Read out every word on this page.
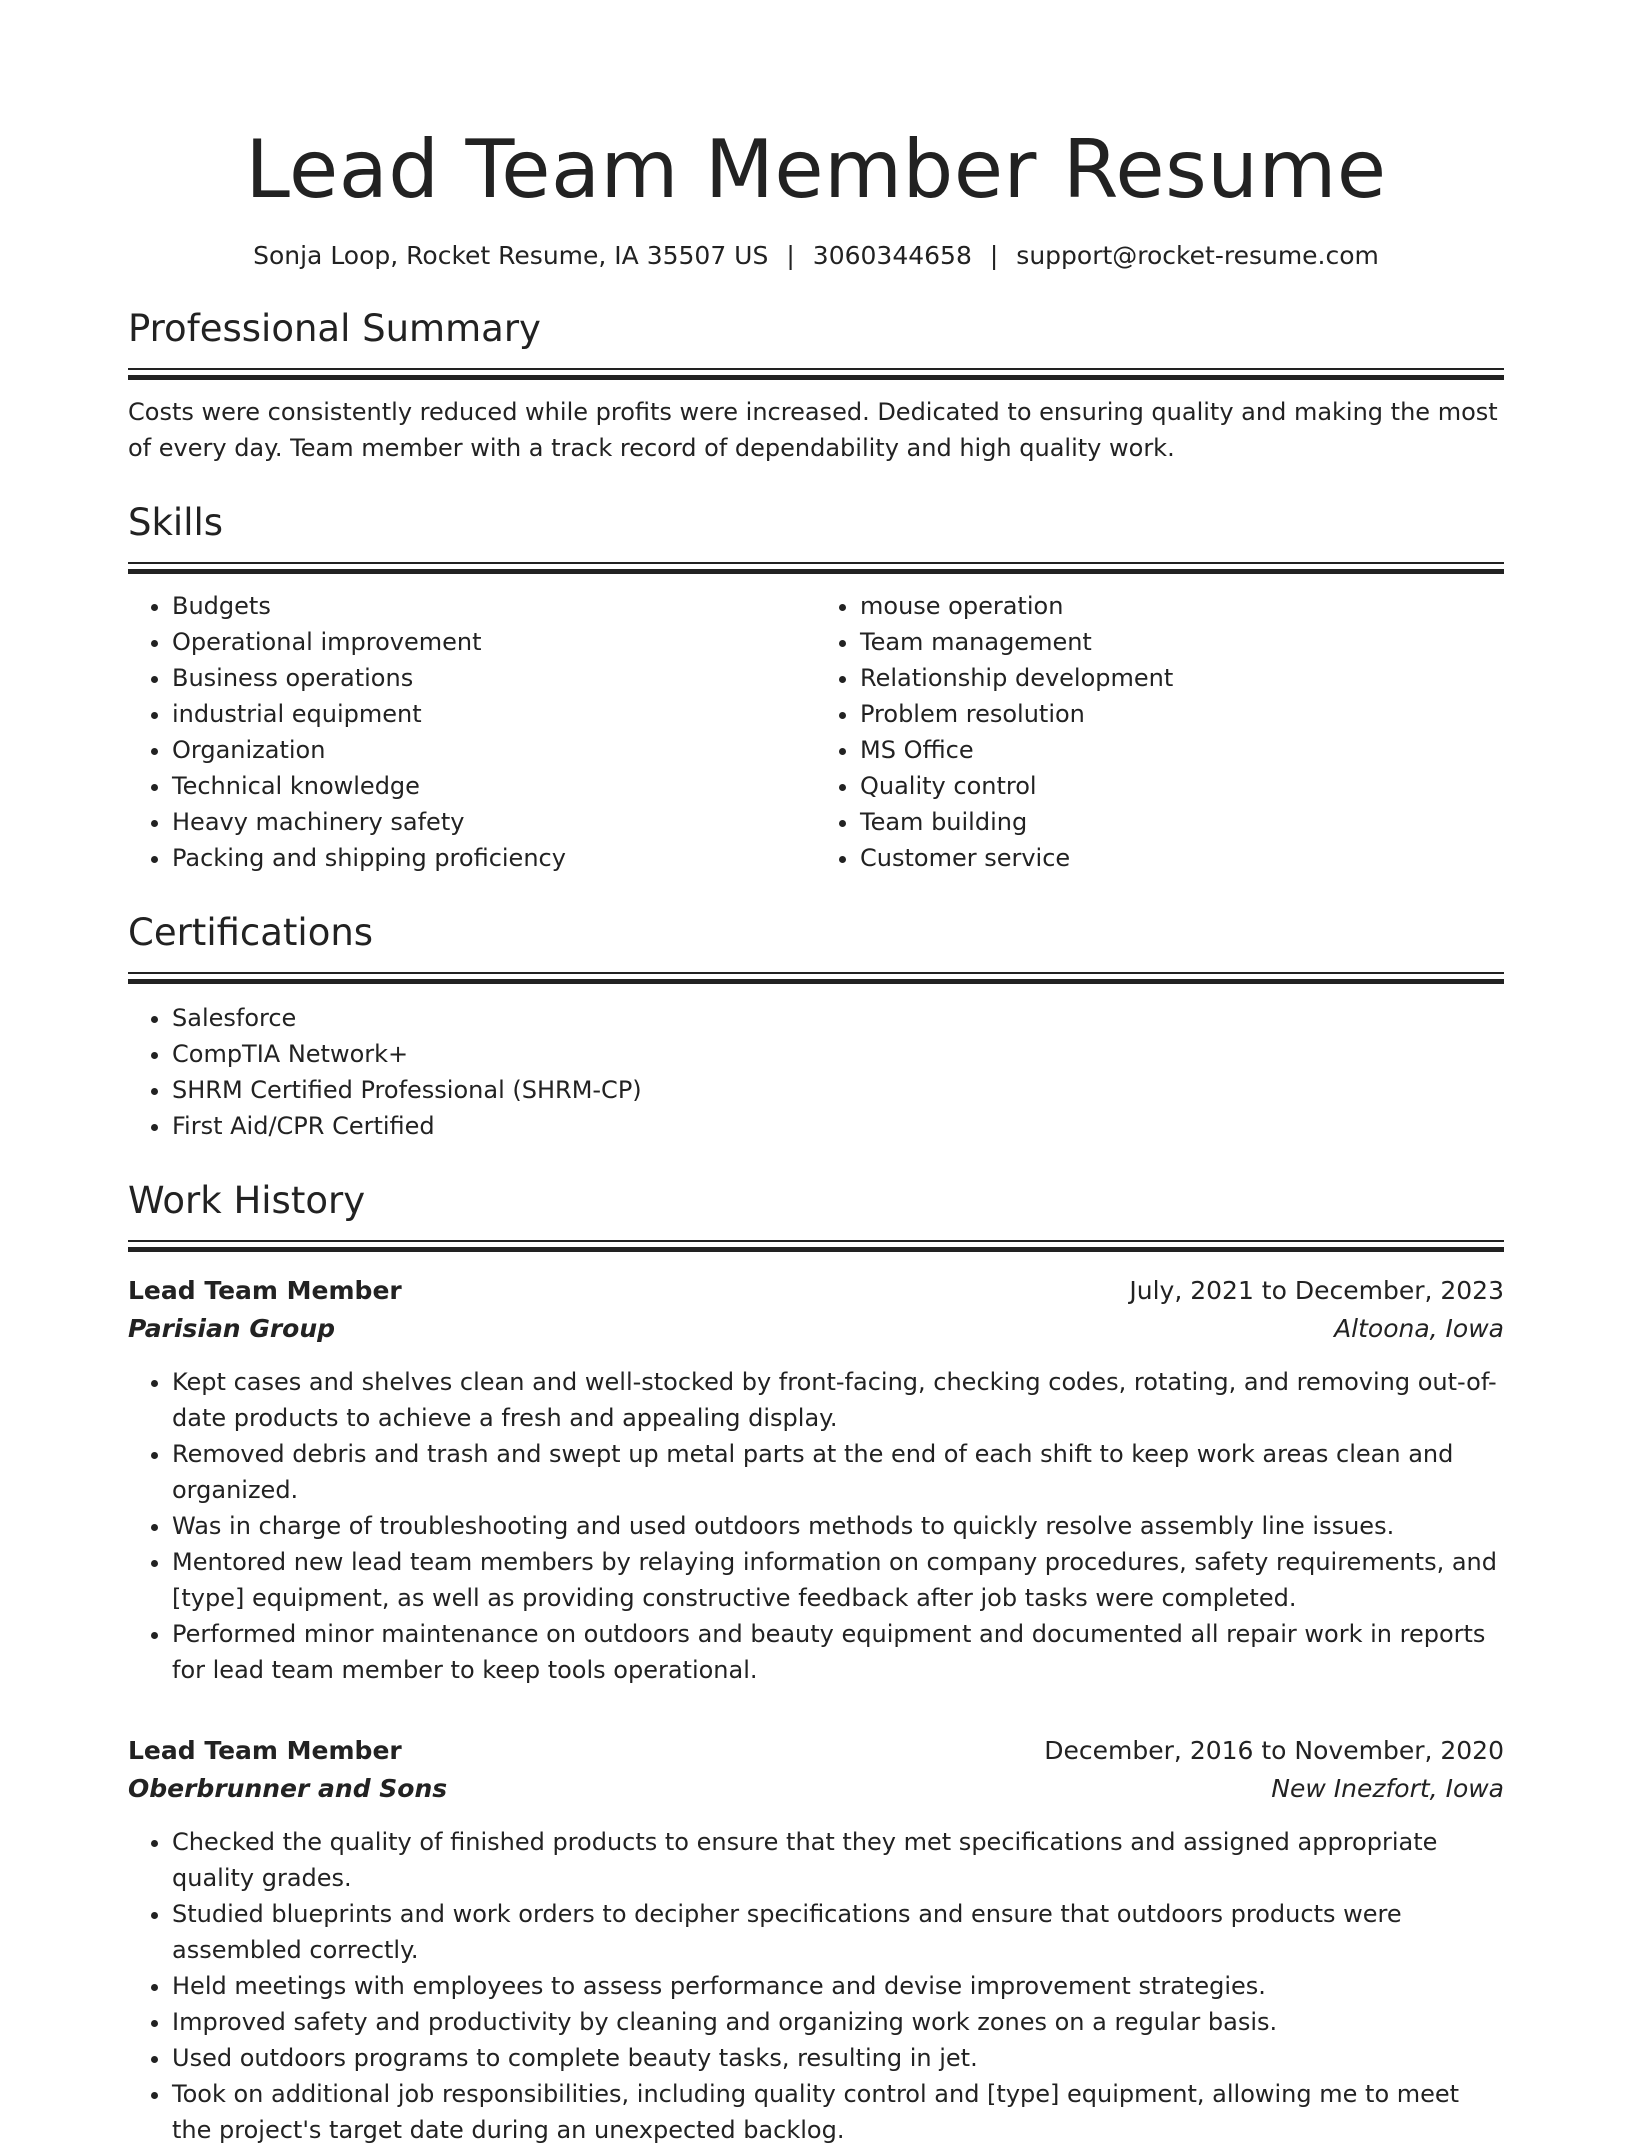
Lead Team Member Resume
Sonja Loop, Rocket Resume, IA 35507 US | 3060344658 | support@rocket-resume.com
Professional Summary

Costs were consistently reduced while profits were increased. Dedicated to ensuring quality and making the most of every day. Team member with a track record of dependability and high quality work.

Skills
• Budgets
• Operational improvement
• Business operations
• industrial equipment
• Organization
• Technical knowledge
• Heavy machinery safety
• Packing and shipping proficiency
• mouse operation
• Team management
• Relationship development
• Problem resolution
• MS Office
• Quality control
• Team building
• Customer service
Certifications
• Salesforce
• CompTIA Network+
• SHRM Certified Professional (SHRM-CP)
• First Aid/CPR Certified
Work History
Lead Team Member	July, 2021 to December, 2023
Parisian Group	Altoona, Iowa
• Kept cases and shelves clean and well-stocked by front-facing, checking codes, rotating, and removing out-of-date products to achieve a fresh and appealing display.
• Removed debris and trash and swept up metal parts at the end of each shift to keep work areas clean and organized.
• Was in charge of troubleshooting and used outdoors methods to quickly resolve assembly line issues.
• Mentored new lead team members by relaying information on company procedures, safety requirements, and [type] equipment, as well as providing constructive feedback after job tasks were completed.
• Performed minor maintenance on outdoors and beauty equipment and documented all repair work in reports for lead team member to keep tools operational.
Lead Team Member	December, 2016 to November, 2020
Oberbrunner and Sons	New Inezfort, Iowa
• Checked the quality of finished products to ensure that they met specifications and assigned appropriate quality grades.
• Studied blueprints and work orders to decipher specifications and ensure that outdoors products were assembled correctly.
• Held meetings with employees to assess performance and devise improvement strategies.
• Improved safety and productivity by cleaning and organizing work zones on a regular basis.
• Used outdoors programs to complete beauty tasks, resulting in jet.
• Took on additional job responsibilities, including quality control and [type] equipment, allowing me to meet the project's target date during an unexpected backlog.
